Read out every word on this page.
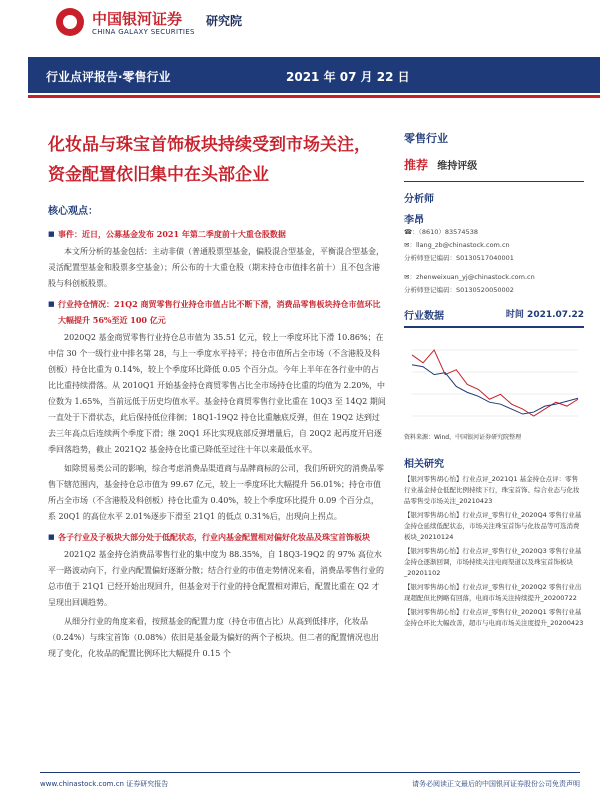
中国银河证券
CHINA GALAXY SECURITIES
研究院
行业点评报告·零售行业	2021 年 07 月 22 日
化妆品与珠宝首饰板块持续受到市场关注，资金配置依旧集中在头部企业
核心观点：
■ 事件：近日，公募基金发布 2021 年第二季度前十大重仓股数据

本文所分析的基金包括：主动非债（普通股票型基金，偏股混合型基金，平衡混合型基金，灵活配置型基金和股票多空基金）；所公布的十大重仓股（期末持仓市值排名前十）且不包含港股与科创板股票。

■ 行业持仓情况：21Q2 商贸零售行业持仓市值占比不断下滑，消费品零售板块持仓市值环比大幅提升 56%至近 100 亿元

2020Q2 基金商贸零售行业持仓总市值为 35.51 亿元，较上一季度环比下滑 10.86%；在中信 30 个一级行业中排名第 28，与上一季度水平持平；持仓市值所占全市场（不含港股及科创板）持仓比重为 0.14%，较上个季度环比降低 0.05 个百分点。今年上半年在各行业中的占比比重持续滑落。从 2010Q1 开始基金持仓商贸零售占比全市场持仓比重的均值为 2.20%，中位数为 1.65%，当前远低于历史均值水平。基金持仓商贸零售行业比重在 10Q3 至 14Q2 期间一直处于下滑状态，此后保持低位徘徊；18Q1-19Q2 持仓比重触底反弹，但在 19Q2 达到过去三年高点后连续两个季度下滑；继 20Q1 环比实现底部反弹增量后，自 20Q2 起再度开启逐季回落趋势，截止 2021Q2 基金持仓比重已降低至过往十年以来最低水平。

如除贸易类公司的影响，综合考虑消费品渠道商与品牌商标的公司，我们所研究的消费品零售下辖范围内，基金持仓总市值为 99.67 亿元，较上一季度环比大幅提升 56.01%；持仓市值所占全市场（不含港股及科创板）持仓比重为 0.40%，较上个季度环比提升 0.09 个百分点，系 20Q1 的高位水平 2.01%逐步下滑至 21Q1 的低点 0.31%后，出现向上拐点。

■ 各子行业及子板块大部分处于低配状态，行业内基金配置相对偏好化妆品及珠宝首饰板块

2021Q2 基金持仓消费品零售行业的集中度为 88.35%，自 18Q3-19Q2 的 97% 高位水平一路波动向下，行业内配置偏好逐渐分散；结合行业的市值走势情况来看，消费品零售行业的总市值于 21Q1 已经开始出现回升，但基金对于行业的持仓配置相对滞后，配置比重在 Q2 才呈现出回调趋势。

从细分行业的角度来看，按照基金的配置力度（持仓市值占比）从高到低排序，化妆品（0.24%）与珠宝首饰（0.08%）依旧是基金最为偏好的两个子板块。但二者的配置情况也出现了变化，化妆品的配置比例环比大幅提升 0.15 个

零售行业
推荐 维持评级
分析师
李昂
☎：（8610）83574538
✉：llang_zb@chinastock.com.cn
分析师登记编码：S0130517040001
✉：zhenweixuan_yj@chinastock.com.cn
分析师登记编码：S0130520050002
行业数据	时间 2021.07.22
资料来源：Wind，中国银河证券研究院整理
相关研究
【银河零售胡心怡】行业点评_2021Q1 基金持仓点评：零售行业基金持仓低配比例持续下行，珠宝首饰、综合业态与化妆品零售受市场关注_20210423
【银河零售胡心怡】行业点评_零售行业_2020Q4 零售行业基金持仓延续低配状态，市场关注珠宝首饰与化妆品等可选消费板块_20210124
【银河零售胡心怡】行业点评_零售行业_2020Q3 零售行业基金持仓逐渐回调，市场持续关注电商渠道以及珠宝首饰板块_20201102
【银河零售胡心怡】行业点评_零售行业_2020Q2 零售行业出现超配但比例略有回落，电商市场关注持续提升_20200722
【银河零售胡心怡】行业点评_零售行业_2020Q1 零售行业基金持仓环比大幅改善，超市与电商市场关注度提升_20200423
www.chinastock.com.cn 证券研究报告	请务必阅读正文最后的中国银河证券股份公司免责声明
